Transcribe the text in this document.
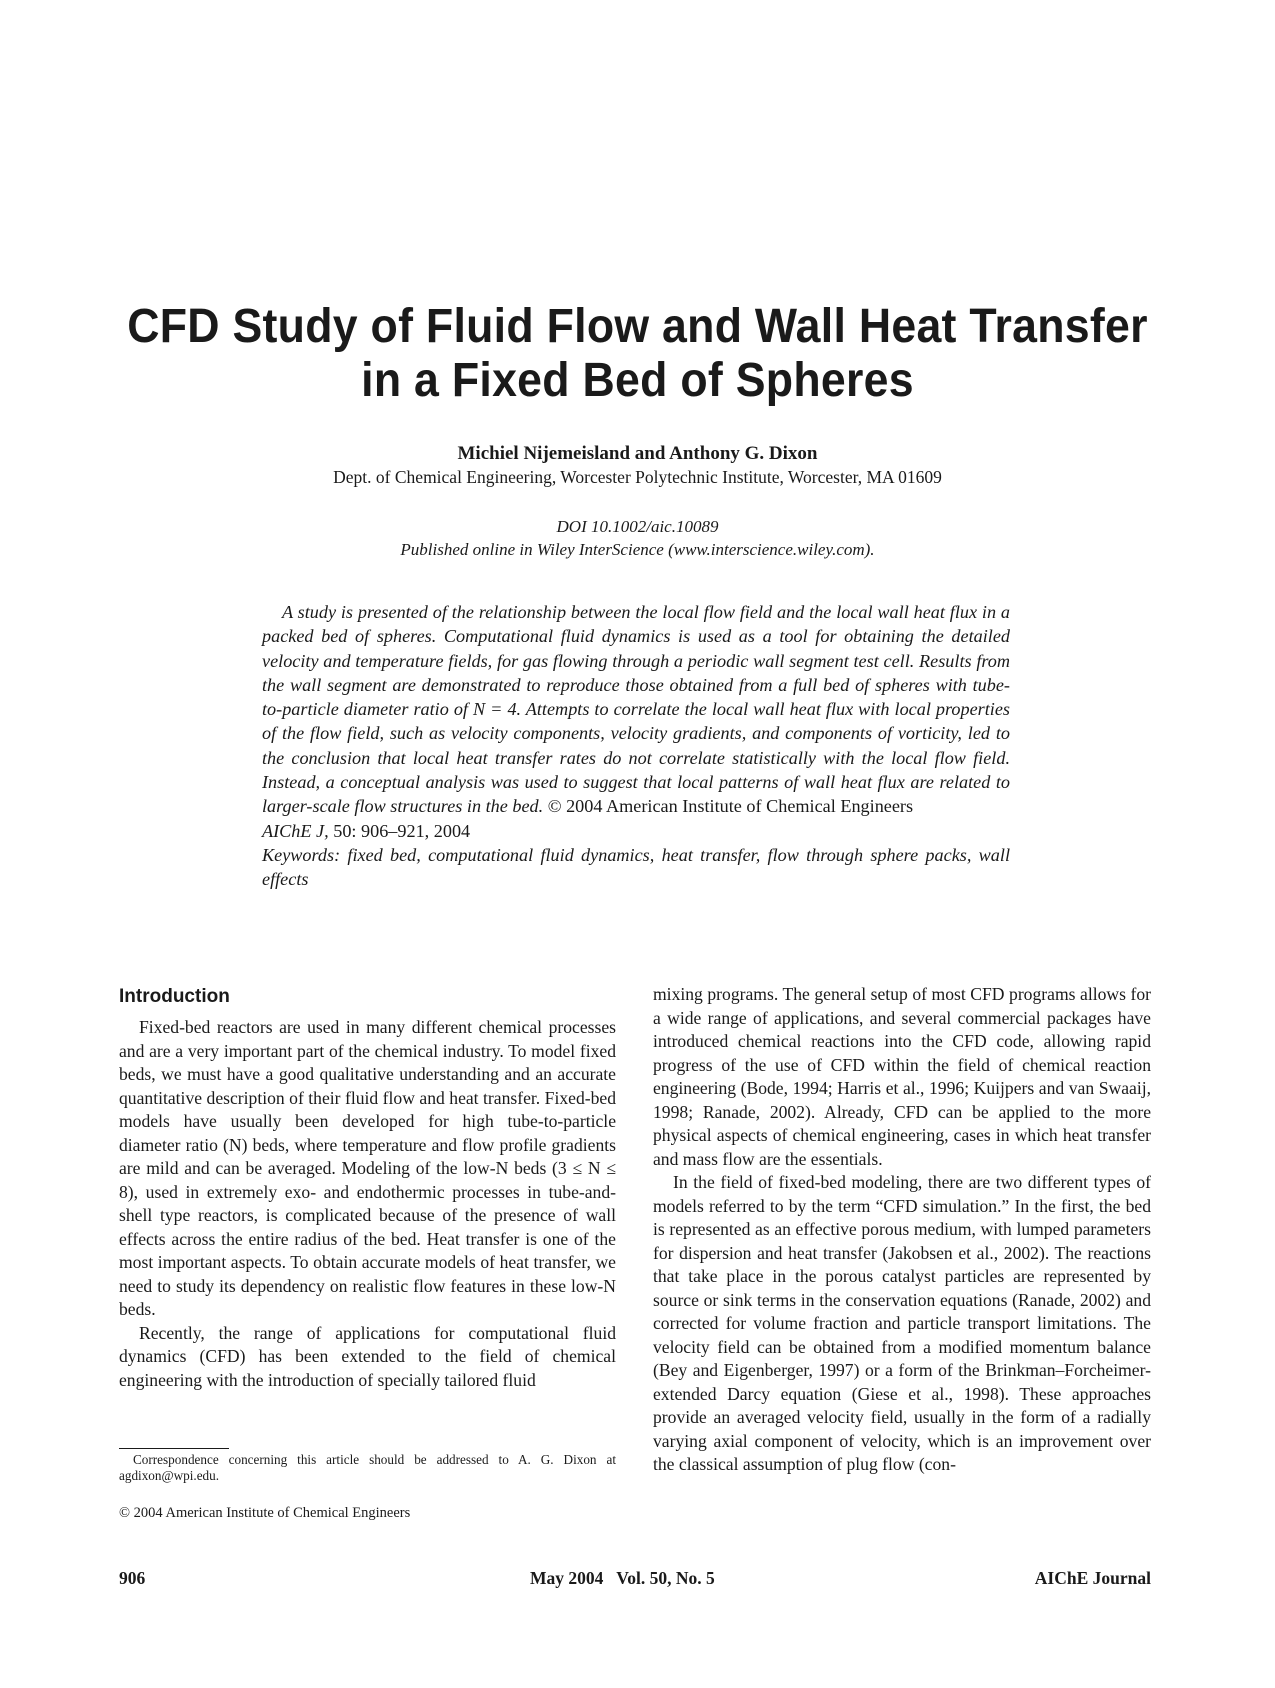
CFD Study of Fluid Flow and Wall Heat Transfer
in a Fixed Bed of Spheres
Michiel Nijemeisland and Anthony G. Dixon
Dept. of Chemical Engineering, Worcester Polytechnic Institute, Worcester, MA 01609
DOI 10.1002/aic.10089
Published online in Wiley InterScience (www.interscience.wiley.com).

A study is presented of the relationship between the local flow field and the local wall heat flux in a packed bed of spheres. Computational fluid dynamics is used as a tool for obtaining the detailed velocity and temperature fields, for gas flowing through a periodic wall segment test cell. Results from the wall segment are demonstrated to reproduce those obtained from a full bed of spheres with tube-to-particle diameter ratio of N = 4. Attempts to correlate the local wall heat flux with local properties of the flow field, such as velocity components, velocity gradients, and components of vorticity, led to the conclusion that local heat transfer rates do not correlate statistically with the local flow field. Instead, a conceptual analysis was used to suggest that local patterns of wall heat flux are related to larger-scale flow structures in the bed. © 2004 American Institute of Chemical Engineers

AIChE J, 50: 906–921, 2004

Keywords: fixed bed, computational fluid dynamics, heat transfer, flow through sphere packs, wall effects

Introduction

Fixed-bed reactors are used in many different chemical processes and are a very important part of the chemical industry. To model fixed beds, we must have a good qualitative understanding and an accurate quantitative description of their fluid flow and heat transfer. Fixed-bed models have usually been developed for high tube-to-particle diameter ratio (N) beds, where temperature and flow profile gradients are mild and can be averaged. Modeling of the low-N beds (3 ≤ N ≤ 8), used in extremely exo- and endothermic processes in tube-and-shell type reactors, is complicated because of the presence of wall effects across the entire radius of the bed. Heat transfer is one of the most important aspects. To obtain accurate models of heat transfer, we need to study its dependency on realistic flow features in these low-N beds.

Recently, the range of applications for computational fluid dynamics (CFD) has been extended to the field of chemical engineering with the introduction of specially tailored fluid

mixing programs. The general setup of most CFD programs allows for a wide range of applications, and several commercial packages have introduced chemical reactions into the CFD code, allowing rapid progress of the use of CFD within the field of chemical reaction engineering (Bode, 1994; Harris et al., 1996; Kuijpers and van Swaaij, 1998; Ranade, 2002). Already, CFD can be applied to the more physical aspects of chemical engineering, cases in which heat transfer and mass flow are the essentials.

In the field of fixed-bed modeling, there are two different types of models referred to by the term “CFD simulation.” In the first, the bed is represented as an effective porous medium, with lumped parameters for dispersion and heat transfer (Jakobsen et al., 2002). The reactions that take place in the porous catalyst particles are represented by source or sink terms in the conservation equations (Ranade, 2002) and corrected for volume fraction and particle transport limitations. The velocity field can be obtained from a modified momentum balance (Bey and Eigenberger, 1997) or a form of the Brinkman–Forcheimer-extended Darcy equation (Giese et al., 1998). These approaches provide an averaged velocity field, usually in the form of a radially varying axial component of velocity, which is an improvement over the classical assumption of plug flow (con-

Correspondence concerning this article should be addressed to A. G. Dixon at agdixon@wpi.edu.
© 2004 American Institute of Chemical Engineers
906	May 2004   Vol. 50, No. 5	AIChE Journal
